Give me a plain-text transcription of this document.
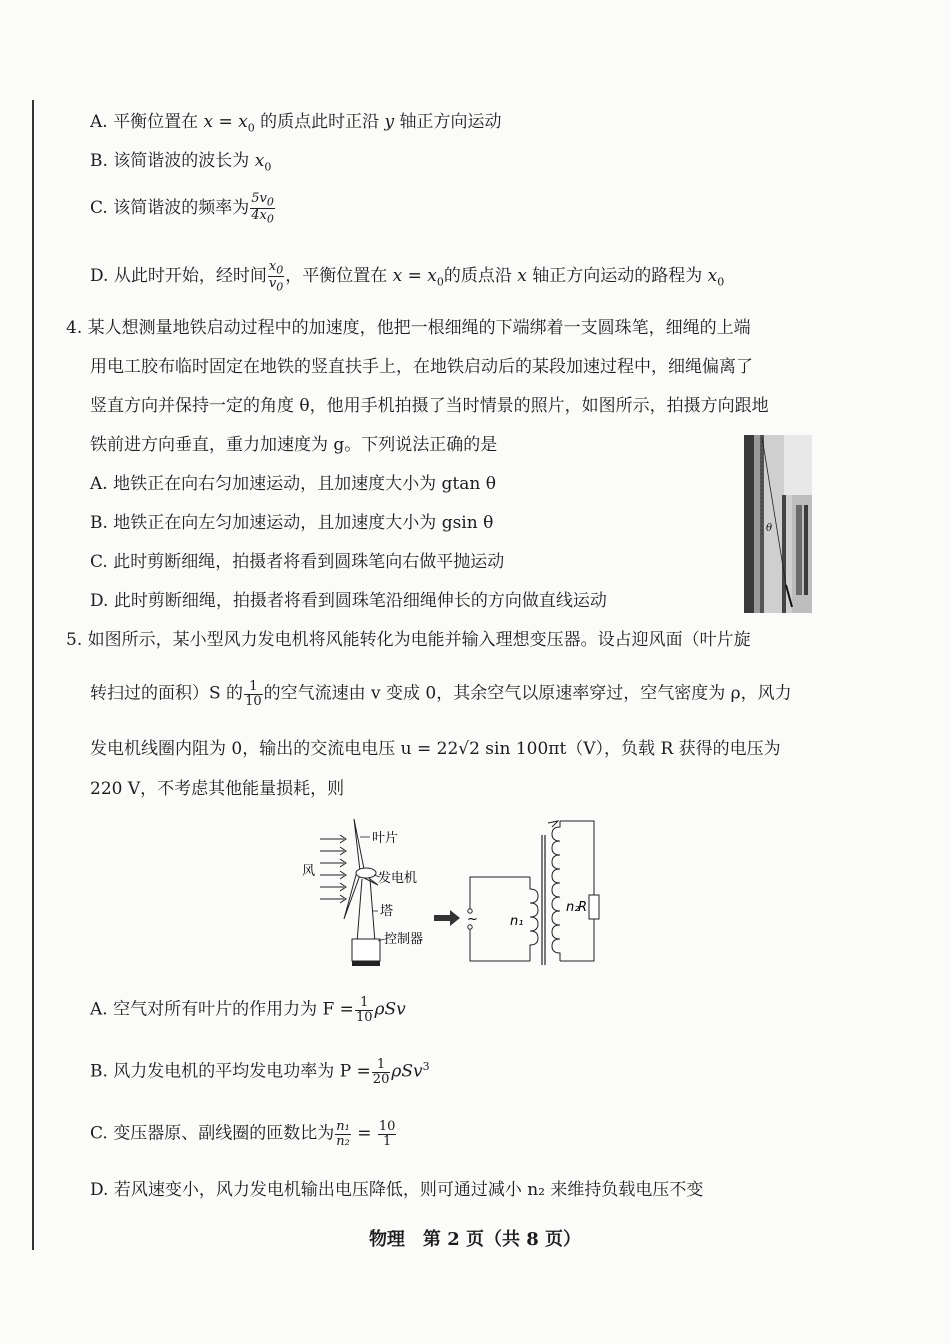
A. 平衡位置在 $x = x_0$ 的质点此时正沿 y 轴正方向运动
B. 该简谐波的波长为 $x_0$
C. 该简谐波的频率为 $\frac{5v_0}{4x_0}$
D. 从此时开始，经时间 $\frac{x_0}{v_0}$ ，平衡位置在 $x = x_0$的质点沿 x 轴正方向运动的路程为 $x_0$
4. 某人想测量地铁启动过程中的加速度，他把一根细绳的下端绑着一支圆珠笔，细绳的上端
用电工胶布临时固定在地铁的竖直扶手上，在地铁启动后的某段加速过程中，细绳偏离了
竖直方向并保持一定的角度 θ，他用手机拍摄了当时情景的照片，如图所示，拍摄方向跟地
铁前进方向垂直，重力加速度为 g。下列说法正确的是
A. 地铁正在向右匀加速运动，且加速度大小为 gtan θ
B. 地铁正在向左匀加速运动，且加速度大小为 gsin θ
C. 此时剪断细绳，拍摄者将看到圆珠笔向右做平抛运动
D. 此时剪断细绳，拍摄者将看到圆珠笔沿细绳伸长的方向做直线运动
θ
5. 如图所示，某小型风力发电机将风能转化为电能并输入理想变压器。设占迎风面（叶片旋
转扫过的面积）S 的 $\frac{1}{10}$ 的空气流速由 v 变成 0，其余空气以原速率穿过，空气密度为 ρ，风力
发电机线圈内阻为 0，输出的交流电电压 u = 22√2 sin 100πt（V），负载 R 获得的电压为
220 V，不考虑其他能量损耗，则
风
叶片
发电机
塔
控制器
~ n₁
n₂
R
A. 空气对所有叶片的作用力为 $F = \frac{1}{10}$ ρSv
B. 风力发电机的平均发电功率为 $P = \frac{1}{20} \rho Sv^3$
C. 变压器原、副线圈的匝数比为 $\frac{\text{n₁}}{\text{n₂}} = \frac{10}{1}$
D. 若风速变小，风力发电机输出电压降低，则可通过减小 n₂ 来维持负载电压不变
物理　第 2 页（共 8 页）
